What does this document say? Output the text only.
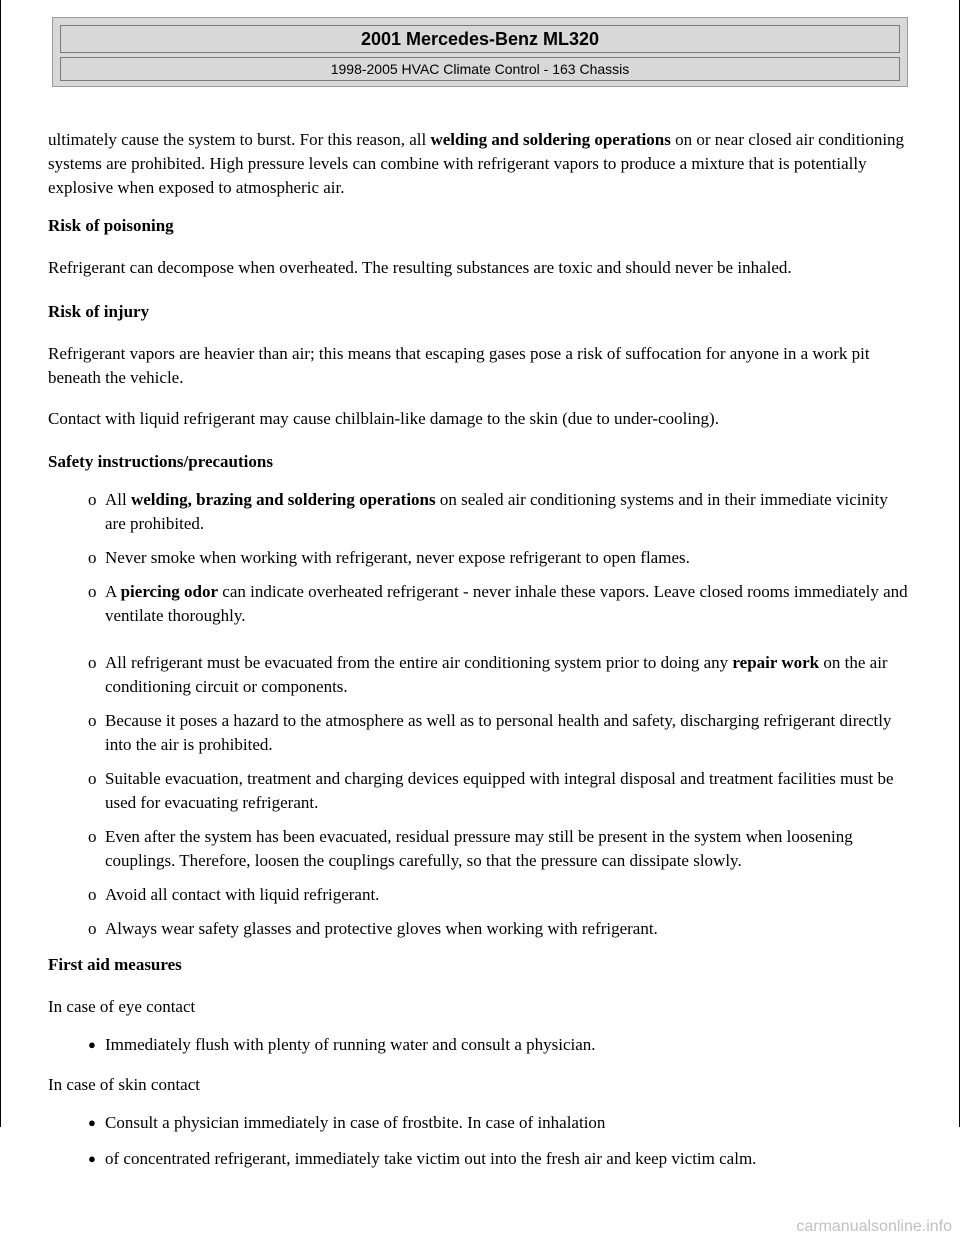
2001 Mercedes-Benz ML320
1998-2005 HVAC Climate Control - 163 Chassis

ultimately cause the system to burst. For this reason, all welding and soldering operations on or near closed air conditioning systems are prohibited. High pressure levels can combine with refrigerant vapors to produce a mixture that is potentially explosive when exposed to atmospheric air.

Risk of poisoning

Refrigerant can decompose when overheated. The resulting substances are toxic and should never be inhaled.

Risk of injury

Refrigerant vapors are heavier than air; this means that escaping gases pose a risk of suffocation for anyone in a work pit beneath the vehicle.

Contact with liquid refrigerant may cause chilblain-like damage to the skin (due to under-cooling).

Safety instructions/precautions

o All welding, brazing and soldering operations on sealed air conditioning systems and in their immediate vicinity are prohibited.
o Never smoke when working with refrigerant, never expose refrigerant to open flames.
o A piercing odor can indicate overheated refrigerant - never inhale these vapors. Leave closed rooms immediately and ventilate thoroughly.
o All refrigerant must be evacuated from the entire air conditioning system prior to doing any repair work on the air conditioning circuit or components.
o Because it poses a hazard to the atmosphere as well as to personal health and safety, discharging refrigerant directly into the air is prohibited.
o Suitable evacuation, treatment and charging devices equipped with integral disposal and treatment facilities must be used for evacuating refrigerant.
o Even after the system has been evacuated, residual pressure may still be present in the system when loosening couplings. Therefore, loosen the couplings carefully, so that the pressure can dissipate slowly.
o Avoid all contact with liquid refrigerant.
o Always wear safety glasses and protective gloves when working with refrigerant.

First aid measures

In case of eye contact

● Immediately flush with plenty of running water and consult a physician.

In case of skin contact

● Consult a physician immediately in case of frostbite. In case of inhalation
● of concentrated refrigerant, immediately take victim out into the fresh air and keep victim calm.
carmanualsonline.info
